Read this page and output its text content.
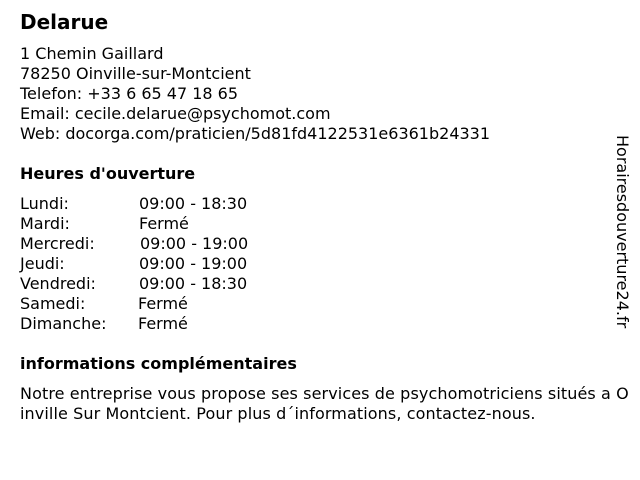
Delarue
1 Chemin Gaillard
78250 Oinville-sur-Montcient
Telefon: +33 6 65 47 18 65
Email: cecile.delarue@psychomot.com
Web: docorga.com/praticien/5d81fd4122531e6361b24331
Heures d'ouverture
Lundi:	09:00 - 18:30
Mardi:	Fermé
Mercredi:	09:00 - 19:00
Jeudi:	09:00 - 19:00
Vendredi:	09:00 - 18:30
Samedi:	Fermé
Dimanche: Fermé
informations complémentaires
Notre entreprise vous propose ses services de psychomotriciens situés a Oinville Sur Montcient. Pour plus d´informations, contactez-nous.
Horairesdouverture24.fr
